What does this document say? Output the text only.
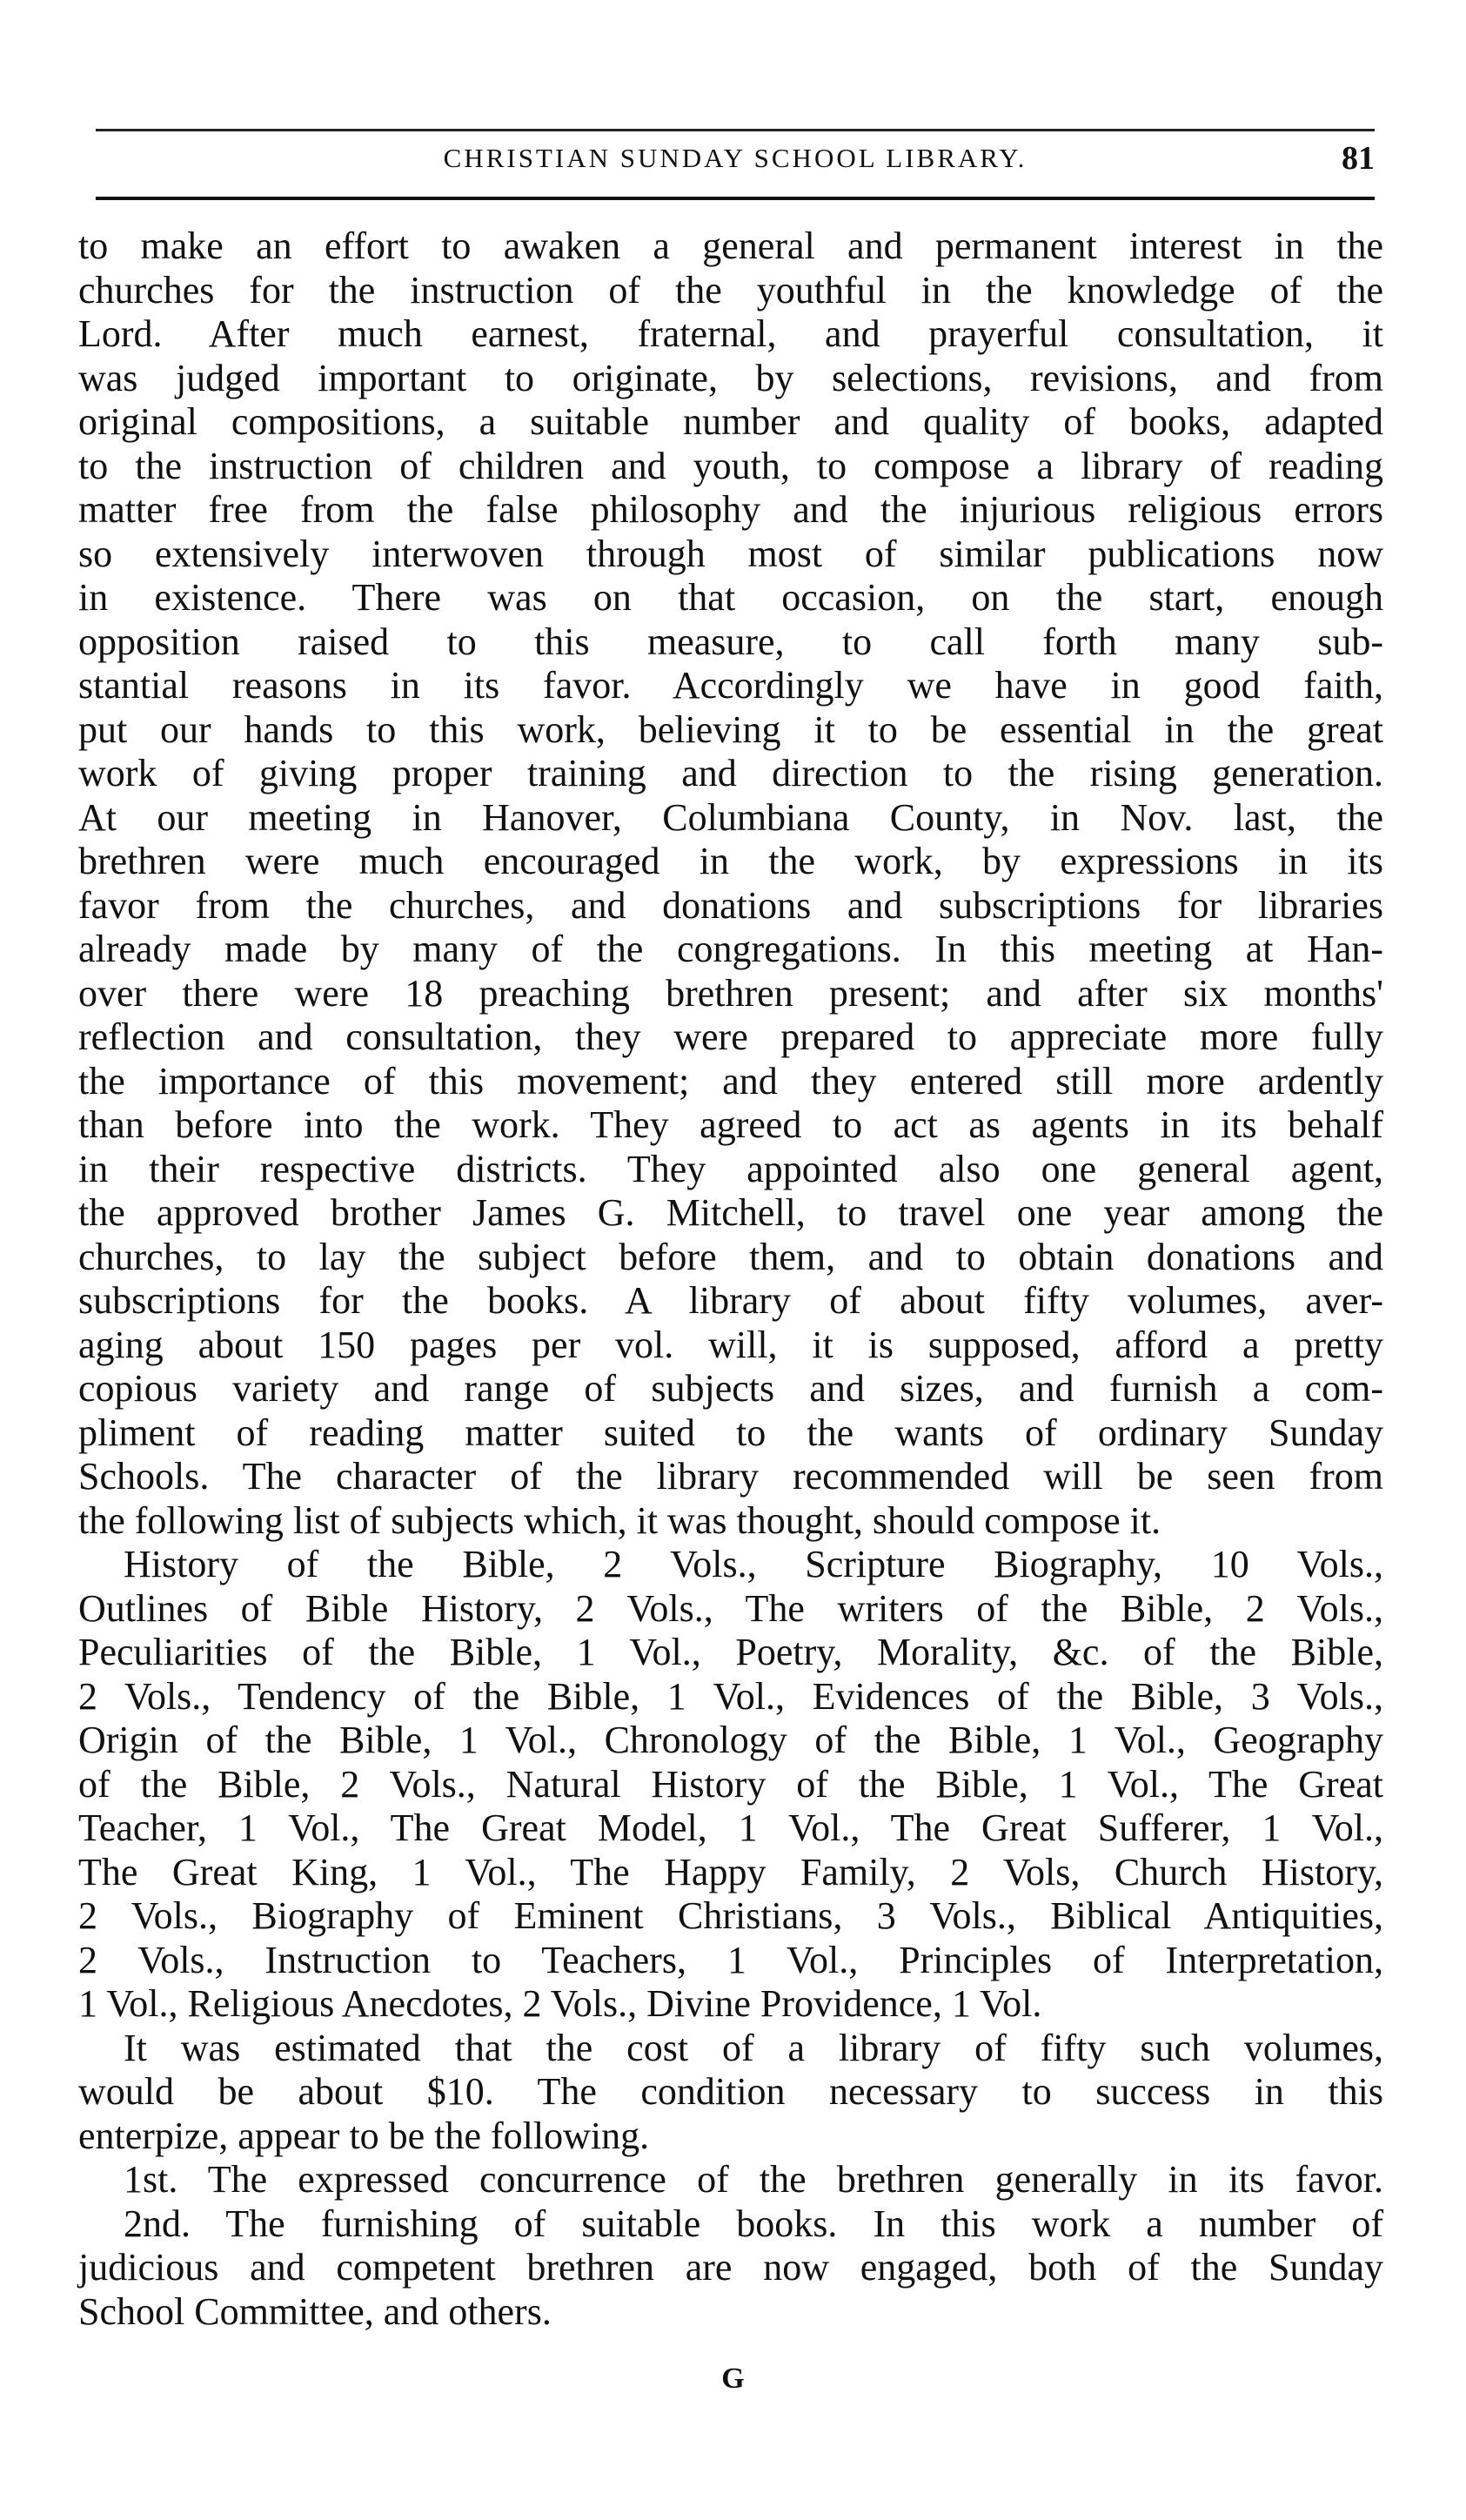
CHRISTIAN SUNDAY SCHOOL LIBRARY.	81
to make an effort to awaken a general and permanent interest in the
churches for the instruction of the youthful in the knowledge of the
Lord. After much earnest, fraternal, and prayerful consultation, it
was judged important to originate, by selections, revisions, and from
original compositions, a suitable number and quality of books, adapted
to the instruction of children and youth, to compose a library of reading
matter free from the false philosophy and the injurious religious errors
so extensively interwoven through most of similar publications now
in existence. There was on that occasion, on the start, enough
opposition raised to this measure, to call forth many sub-
stantial reasons in its favor. Accordingly we have in good faith,
put our hands to this work, believing it to be essential in the great
work of giving proper training and direction to the rising generation.
At our meeting in Hanover, Columbiana County, in Nov. last, the
brethren were much encouraged in the work, by expressions in its
favor from the churches, and donations and subscriptions for libraries
already made by many of the congregations. In this meeting at Han-
over there were 18 preaching brethren present; and after six months'
reflection and consultation, they were prepared to appreciate more fully
the importance of this movement; and they entered still more ardently
than before into the work. They agreed to act as agents in its behalf
in their respective districts. They appointed also one general agent,
the approved brother James G. Mitchell, to travel one year among the
churches, to lay the subject before them, and to obtain donations and
subscriptions for the books. A library of about fifty volumes, aver-
aging about 150 pages per vol. will, it is supposed, afford a pretty
copious variety and range of subjects and sizes, and furnish a com-
pliment of reading matter suited to the wants of ordinary Sunday
Schools. The character of the library recommended will be seen from
the following list of subjects which, it was thought, should compose it.
History of the Bible, 2 Vols., Scripture Biography, 10 Vols.,
Outlines of Bible History, 2 Vols., The writers of the Bible, 2 Vols.,
Peculiarities of the Bible, 1 Vol., Poetry, Morality, &c. of the Bible,
2 Vols., Tendency of the Bible, 1 Vol., Evidences of the Bible, 3 Vols.,
Origin of the Bible, 1 Vol., Chronology of the Bible, 1 Vol., Geography
of the Bible, 2 Vols., Natural History of the Bible, 1 Vol., The Great
Teacher, 1 Vol., The Great Model, 1 Vol., The Great Sufferer, 1 Vol.,
The Great King, 1 Vol., The Happy Family, 2 Vols, Church History,
2 Vols., Biography of Eminent Christians, 3 Vols., Biblical Antiquities,
2 Vols., Instruction to Teachers, 1 Vol., Principles of Interpretation,
1 Vol., Religious Anecdotes, 2 Vols., Divine Providence, 1 Vol.
It was estimated that the cost of a library of fifty such volumes,
would be about $10. The condition necessary to success in this
enterpize, appear to be the following.
1st. The expressed concurrence of the brethren generally in its favor.
2nd. The furnishing of suitable books. In this work a number of
judicious and competent brethren are now engaged, both of the Sunday
School Committee, and others.
G
